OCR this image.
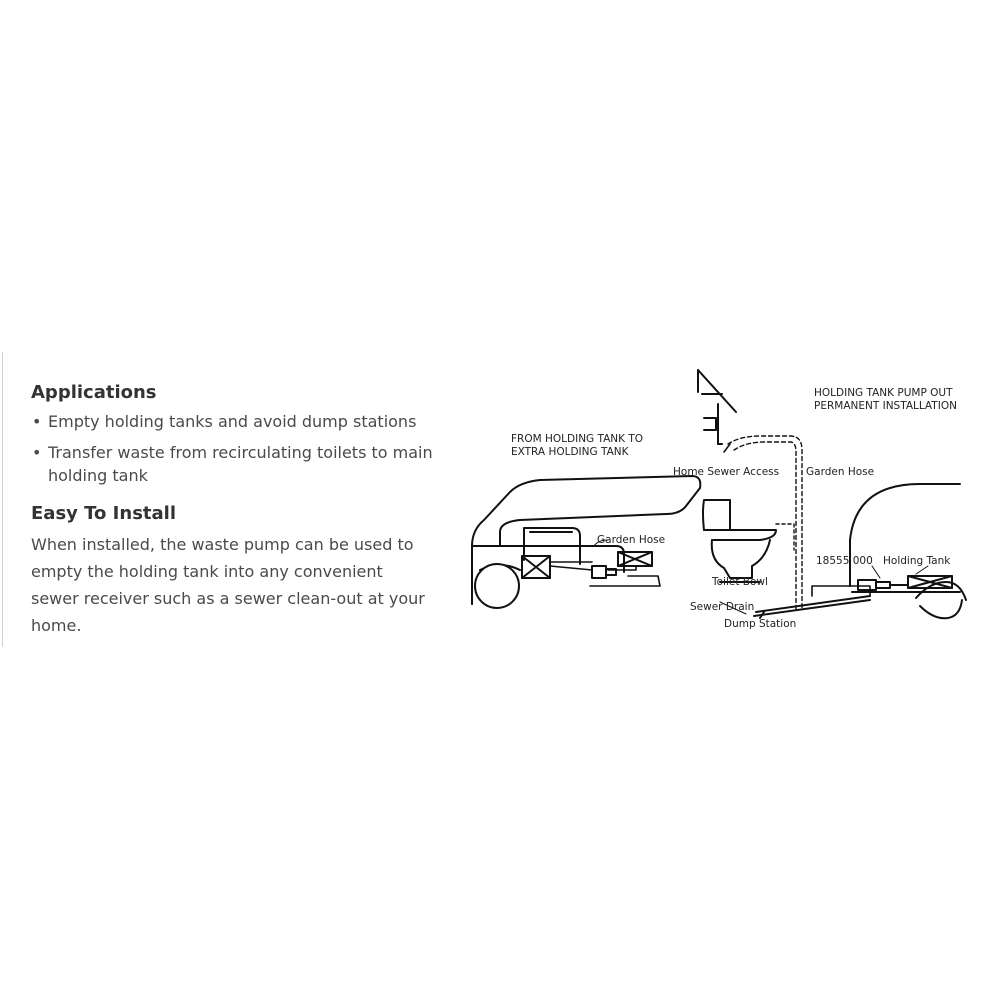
Applications
• Empty holding tanks and avoid dump stations
• Transfer waste from recirculating toilets to main holding tank
Easy To Install

When installed, the waste pump can be used to empty the holding tank into any convenient sewer receiver such as a sewer clean-out at your home.

FROM HOLDING TANK TO
EXTRA HOLDING TANK
Garden Hose
HOLDING TANK PUMP OUT
PERMANENT INSTALLATION
Home Sewer Access	Garden Hose
18555 000 Holding Tank
Toilet Bowl
Sewer Drain
Dump Station
